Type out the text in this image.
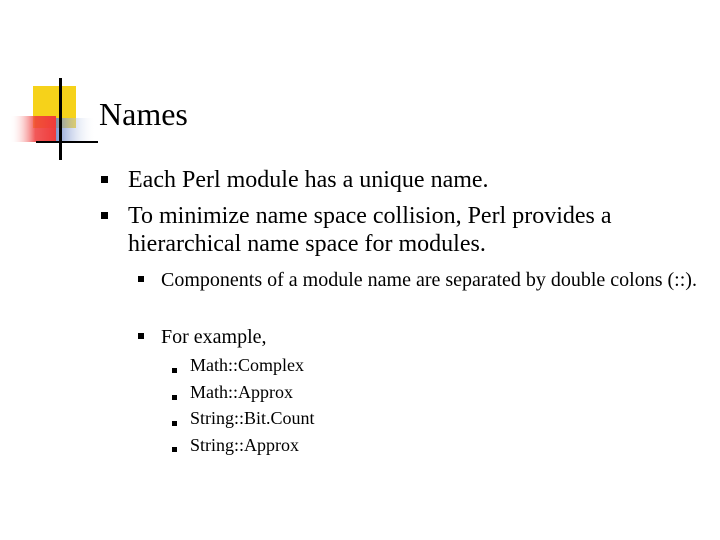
Names
Each Perl module has a unique name.
To minimize name space collision, Perl provides a hierarchical name space for modules.
Components of a module name are separated by double colons (::).
For example,
Math::Complex
Math::Approx
String::Bit.Count
String::Approx
